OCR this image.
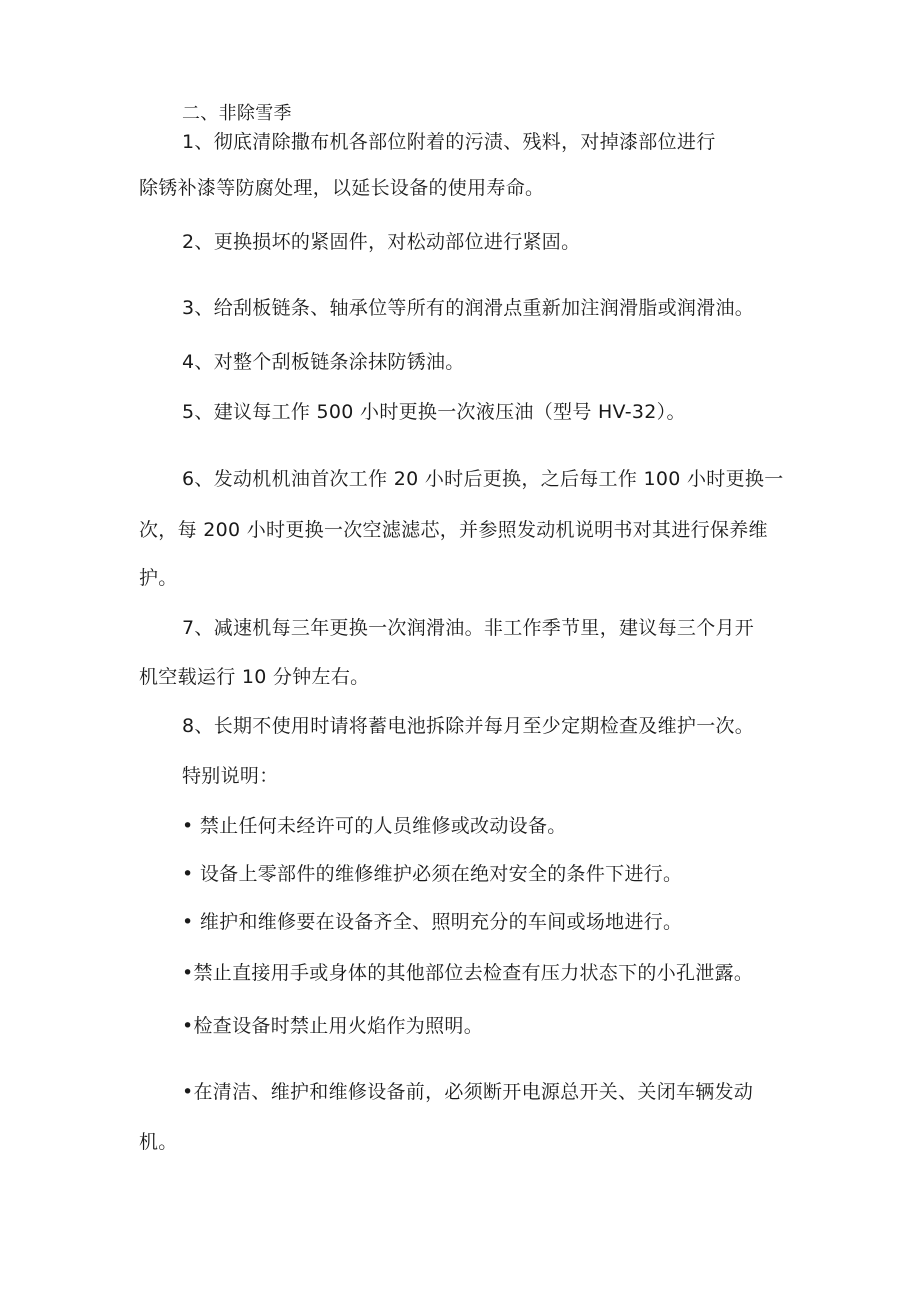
二、非除雪季
1、彻底清除撒布机各部位附着的污渍、残料，对掉漆部位进行
除锈补漆等防腐处理，以延长设备的使用寿命。
2、更换损坏的紧固件，对松动部位进行紧固。
3、给刮板链条、轴承位等所有的润滑点重新加注润滑脂或润滑油。
4、对整个刮板链条涂抹防锈油。
5、建议每工作 500 小时更换一次液压油（型号 HV-32）。
6、发动机机油首次工作 20 小时后更换，之后每工作 100 小时更换一
次，每 200 小时更换一次空滤滤芯，并参照发动机说明书对其进行保养维
护。
7、减速机每三年更换一次润滑油。非工作季节里，建议每三个月开
机空载运行 10 分钟左右。
8、长期不使用时请将蓄电池拆除并每月至少定期检查及维护一次。
特别说明：
• 禁止任何未经许可的人员维修或改动设备。
• 设备上零部件的维修维护必须在绝对安全的条件下进行。
• 维护和维修要在设备齐全、照明充分的车间或场地进行。
•禁止直接用手或身体的其他部位去检查有压力状态下的小孔泄露。
•检查设备时禁止用火焰作为照明。
•在清洁、维护和维修设备前，必须断开电源总开关、关闭车辆发动
机。
